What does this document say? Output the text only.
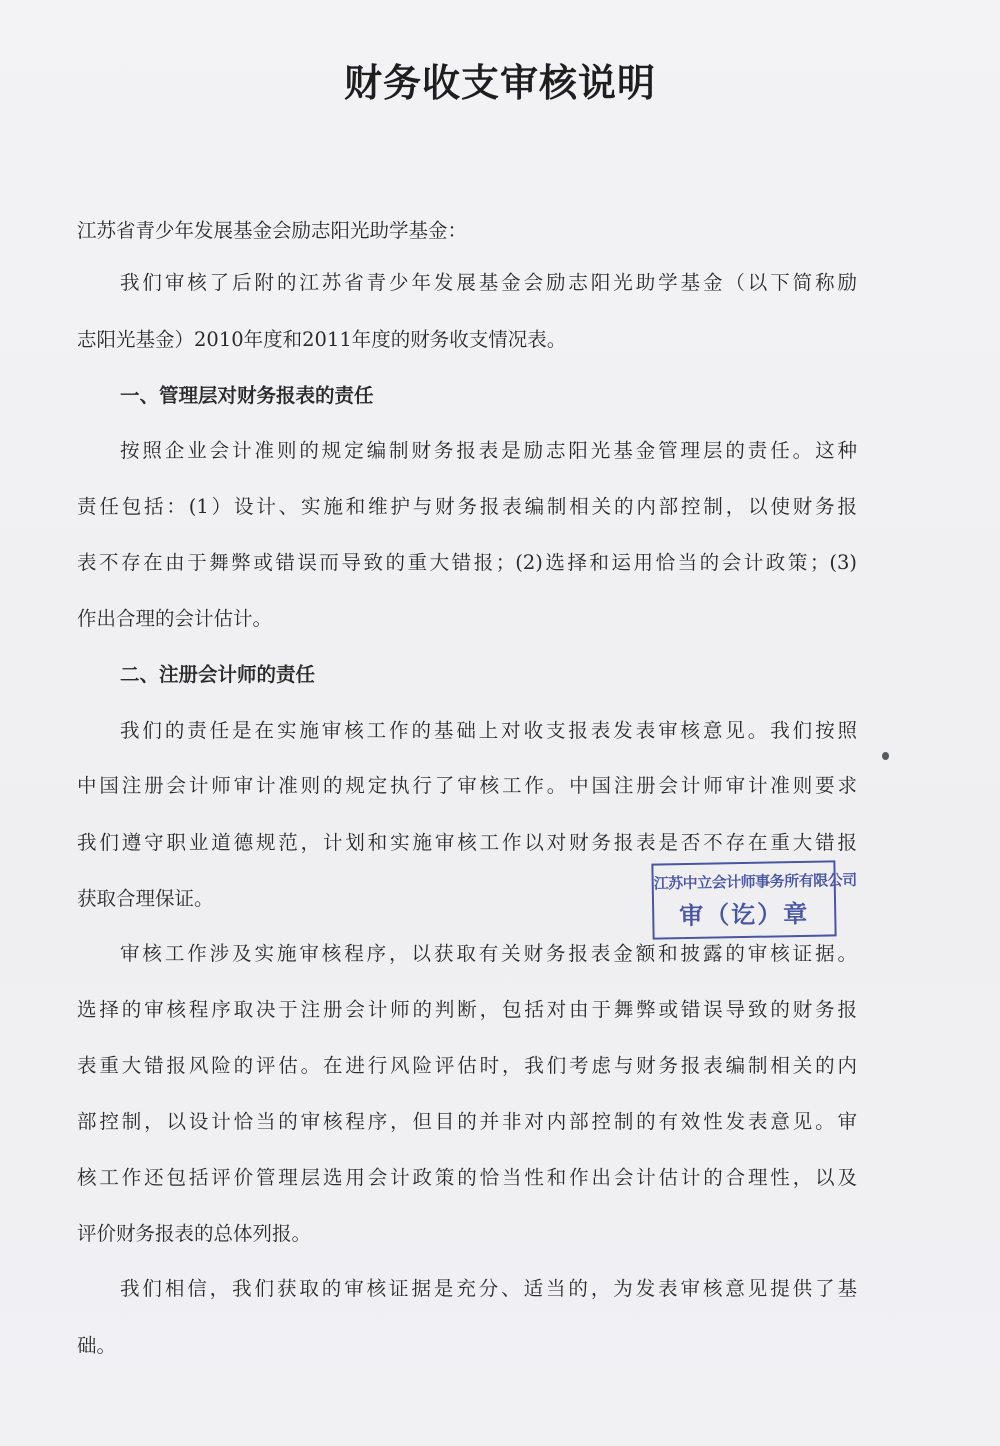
财务收支审核说明
江苏省青少年发展基金会励志阳光助学基金：
我们审核了后附的江苏省青少年发展基金会励志阳光助学基金（以下简称励
志阳光基金）2010年度和2011年度的财务收支情况表。
一、管理层对财务报表的责任
按照企业会计准则的规定编制财务报表是励志阳光基金管理层的责任。这种
责任包括：(1）设计、实施和维护与财务报表编制相关的内部控制，以使财务报
表不存在由于舞弊或错误而导致的重大错报；(2)选择和运用恰当的会计政策；(3)
作出合理的会计估计。
二、注册会计师的责任
我们的责任是在实施审核工作的基础上对收支报表发表审核意见。我们按照
中国注册会计师审计准则的规定执行了审核工作。中国注册会计师审计准则要求
我们遵守职业道德规范，计划和实施审核工作以对财务报表是否不存在重大错报
获取合理保证。
审核工作涉及实施审核程序，以获取有关财务报表金额和披露的审核证据。
选择的审核程序取决于注册会计师的判断，包括对由于舞弊或错误导致的财务报
表重大错报风险的评估。在进行风险评估时，我们考虑与财务报表编制相关的内
部控制，以设计恰当的审核程序，但目的并非对内部控制的有效性发表意见。审
核工作还包括评价管理层选用会计政策的恰当性和作出会计估计的合理性，以及
评价财务报表的总体列报。
我们相信，我们获取的审核证据是充分、适当的，为发表审核意见提供了基
础。
江苏中立会计师事务所有限公司
审（讫）章
